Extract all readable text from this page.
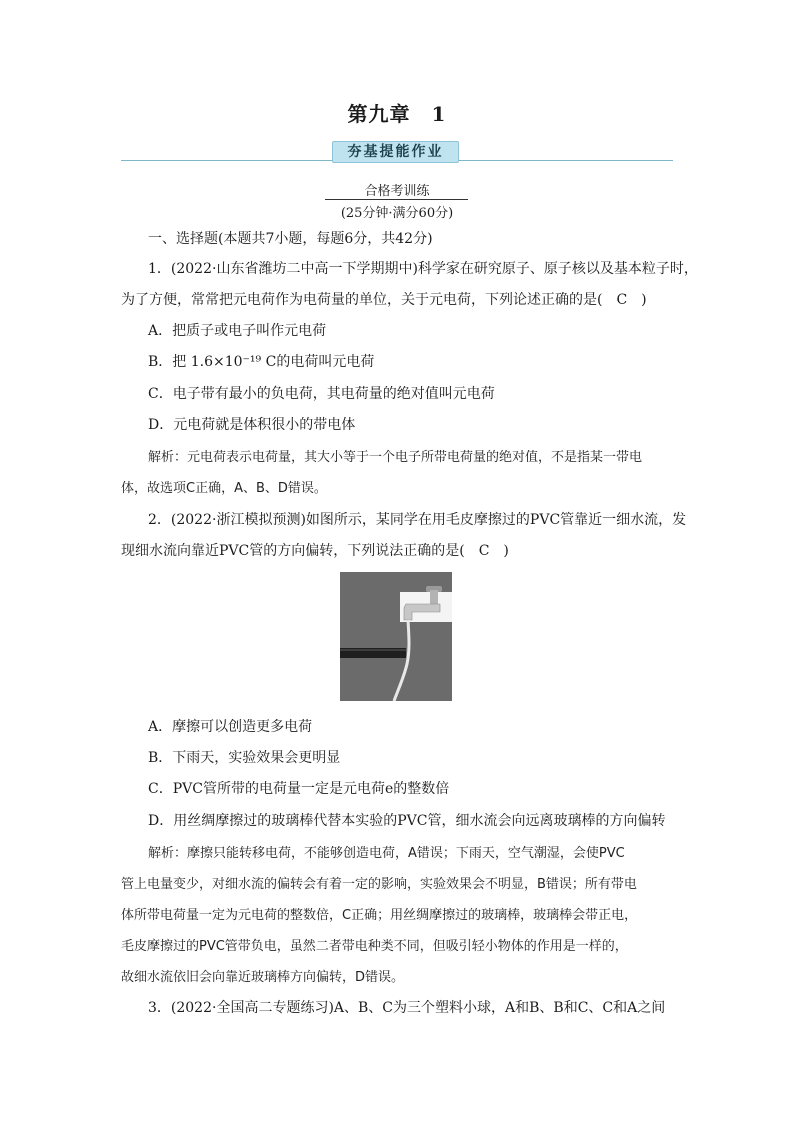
第九章　1
夯基提能作业
合格考训练
(25分钟·满分60分)
一、选择题(本题共7小题，每题6分，共42分)
1．(2022·山东省潍坊二中高一下学期期中)科学家在研究原子、原子核以及基本粒子时，
为了方便，常常把元电荷作为电荷量的单位，关于元电荷，下列论述正确的是(　C　)
A．把质子或电子叫作元电荷
B．把 1.6×10⁻¹⁹ C的电荷叫元电荷
C．电子带有最小的负电荷，其电荷量的绝对值叫元电荷
D．元电荷就是体积很小的带电体
解析：元电荷表示电荷量，其大小等于一个电子所带电荷量的绝对值，不是指某一带电
体，故选项C正确，A、B、D错误。
2．(2022·浙江模拟预测)如图所示，某同学在用毛皮摩擦过的PVC管靠近一细水流，发
现细水流向靠近PVC管的方向偏转，下列说法正确的是(　C　)
A．摩擦可以创造更多电荷
B．下雨天，实验效果会更明显
C．PVC管所带的电荷量一定是元电荷e的整数倍
D．用丝绸摩擦过的玻璃棒代替本实验的PVC管，细水流会向远离玻璃棒的方向偏转
解析：摩擦只能转移电荷，不能够创造电荷，A错误；下雨天，空气潮湿，会使PVC
管上电量变少，对细水流的偏转会有着一定的影响，实验效果会不明显，B错误；所有带电
体所带电荷量一定为元电荷的整数倍，C正确；用丝绸摩擦过的玻璃棒，玻璃棒会带正电，
毛皮摩擦过的PVC管带负电，虽然二者带电种类不同，但吸引轻小物体的作用是一样的，
故细水流依旧会向靠近玻璃棒方向偏转，D错误。
3．(2022·全国高二专题练习)A、B、C为三个塑料小球，A和B、B和C、C和A之间
